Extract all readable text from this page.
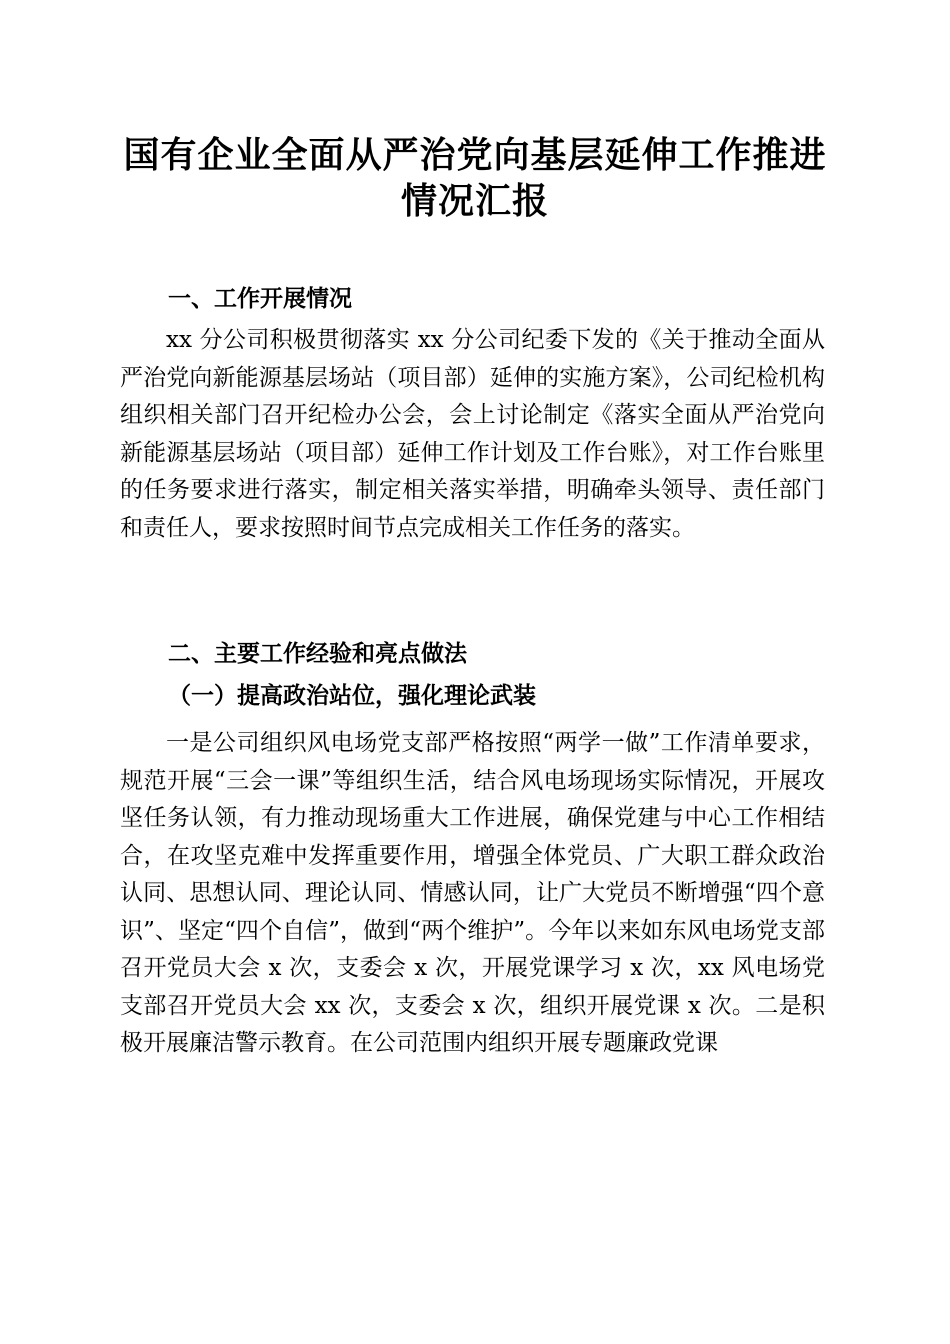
国有企业全面从严治党向基层延伸工作推进情况汇报
一、工作开展情况
xx 分公司积极贯彻落实 xx 分公司纪委下发的《关于推动全面从严治党向新能源基层场站（项目部）延伸的实施方案》，公司纪检机构组织相关部门召开纪检办公会，会上讨论制定《落实全面从严治党向新能源基层场站（项目部）延伸工作计划及工作台账》，对工作台账里的任务要求进行落实，制定相关落实举措，明确牵头领导、责任部门和责任人，要求按照时间节点完成相关工作任务的落实。
二、主要工作经验和亮点做法
（一）提高政治站位，强化理论武装
一是公司组织风电场党支部严格按照“两学一做”工作清单要求，规范开展“三会一课”等组织生活，结合风电场现场实际情况，开展攻坚任务认领，有力推动现场重大工作进展，确保党建与中心工作相结合，在攻坚克难中发挥重要作用，增强全体党员、广大职工群众政治认同、思想认同、理论认同、情感认同，让广大党员不断增强“四个意识”、坚定“四个自信”，做到“两个维护”。今年以来如东风电场党支部召开党员大会 x 次，支委会 x 次，开展党课学习 x 次，xx 风电场党支部召开党员大会 xx 次，支委会 x 次，组织开展党课 x 次。二是积极开展廉洁警示教育。在公司范围内组织开展专题廉政党课
